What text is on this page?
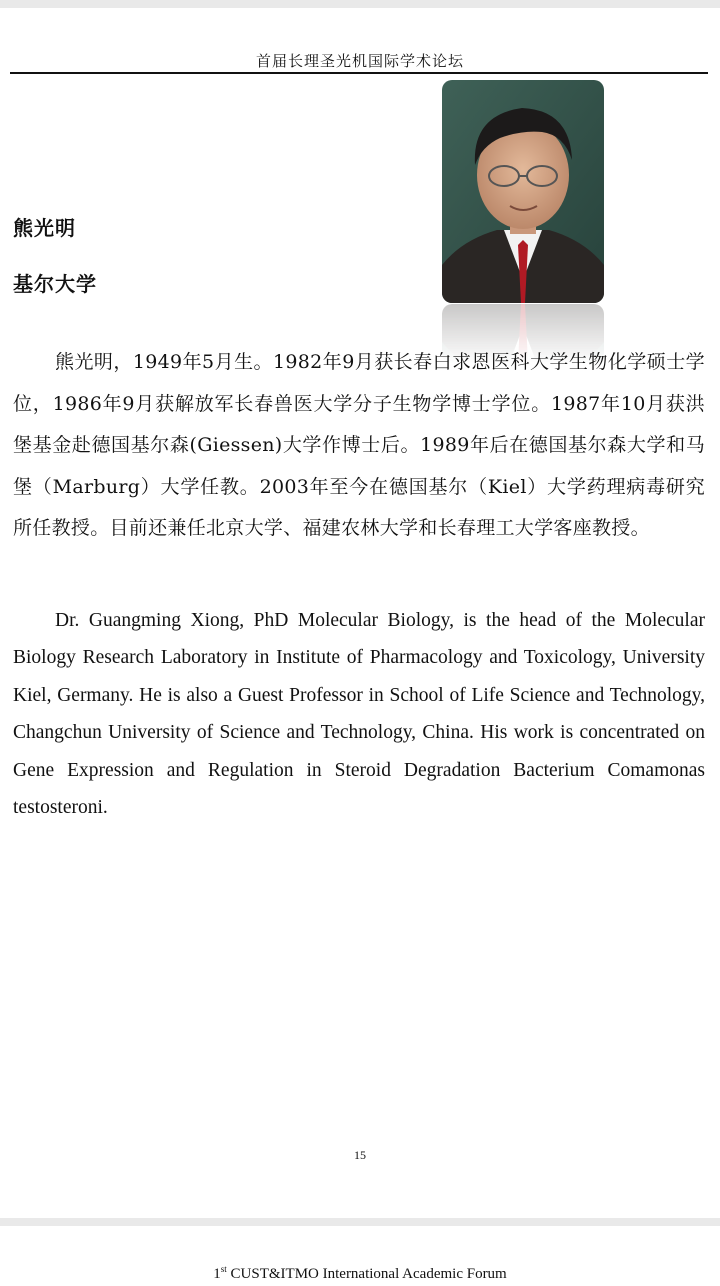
首届长理圣光机国际学术论坛
熊光明
基尔大学

熊光明，1949年5月生。1982年9月获长春白求恩医科大学生物化学硕士学位，1986年9月获解放军长春兽医大学分子生物学博士学位。1987年10月获洪堡基金赴德国基尔森(Giessen)大学作博士后。1989年后在德国基尔森大学和马堡（Marburg）大学任教。2003年至今在德国基尔（Kiel）大学药理病毒研究所任教授。目前还兼任北京大学、福建农林大学和长春理工大学客座教授。

Dr. Guangming Xiong, PhD Molecular Biology, is the head of the Molecular Biology Research Laboratory in Institute of Pharmacology and Toxicology, University Kiel, Germany. He is also a Guest Professor in School of Life Science and Technology, Changchun University of Science and Technology, China. His work is concentrated on Gene Expression and Regulation in Steroid Degradation Bacterium Comamonas testosteroni.

15
1st CUST&ITMO International Academic Forum
